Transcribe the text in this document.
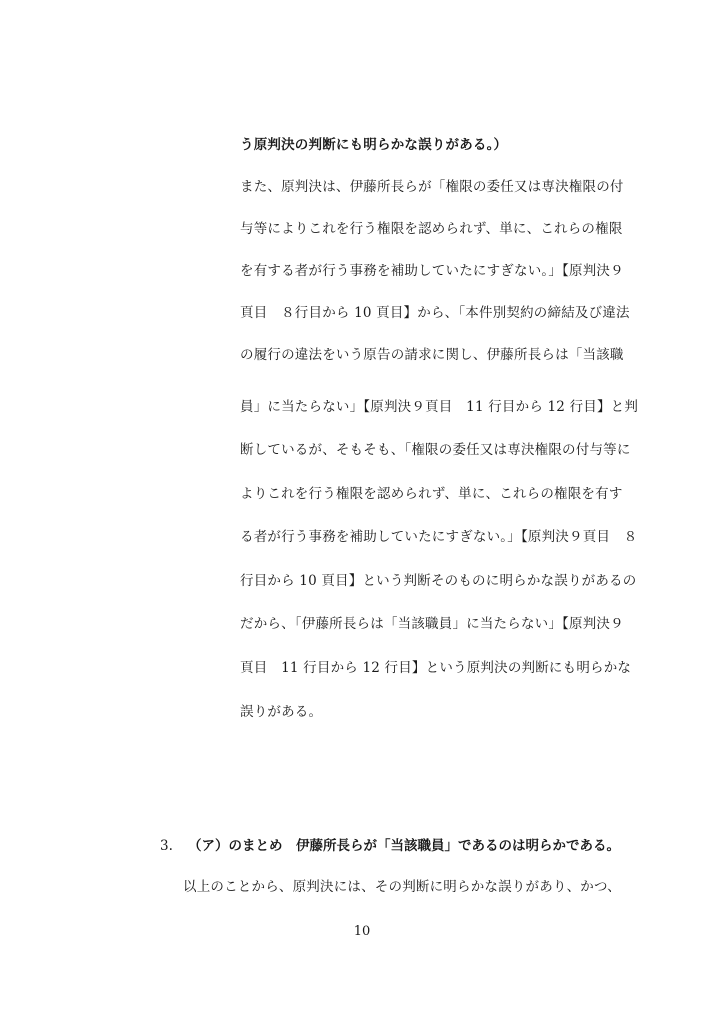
う原判決の判断にも明らかな誤りがある。）
また、原判決は、伊藤所長らが「権限の委任又は専決権限の付
与等によりこれを行う権限を認められず、単に、これらの権限
を有する者が行う事務を補助していたにすぎない。」【原判決９
頁目　８行目から 10 頁目】から、「本件別契約の締結及び違法
の履行の違法をいう原告の請求に関し、伊藤所長らは「当該職
員」に当たらない」【原判決９頁目　11 行目から 12 行目】と判
断しているが、そもそも、「権限の委任又は専決権限の付与等に
よりこれを行う権限を認められず、単に、これらの権限を有す
る者が行う事務を補助していたにすぎない。」【原判決９頁目　８
行目から 10 頁目】という判断そのものに明らかな誤りがあるの
だから、「伊藤所長らは「当該職員」に当たらない」【原判決９
頁目　11 行目から 12 行目】という原判決の判断にも明らかな
誤りがある。
3. （ア）のまとめ　伊藤所長らが「当該職員」であるのは明らかである。
以上のことから、原判決には、その判断に明らかな誤りがあり、かつ、
10
